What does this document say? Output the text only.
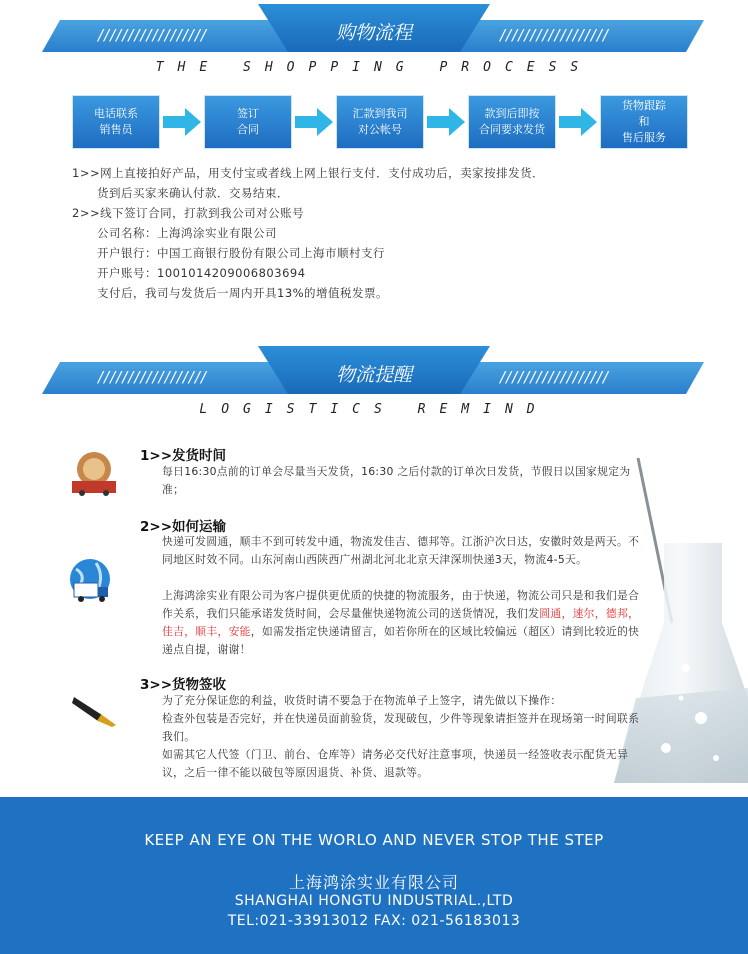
//////////////////	//////////////////
购物流程
THE SHOPPING PROCESS
电话联系
销售员
签订
合同
汇款到我司
对公帐号
款到后即按
合同要求发货
货物跟踪
和
售后服务
1>>网上直接拍好产品，用支付宝或者线上网上银行支付．支付成功后，卖家按排发货．
货到后买家来确认付款．交易结束．
2>>线下签订合同，打款到我公司对公账号
公司名称：上海鸿涂实业有限公司
开户银行：中国工商银行股份有限公司上海市顺村支行
开户账号：1001014209006803694
支付后，我司与发货后一周内开具13%的增值税发票。
//////////////////	//////////////////
物流提醒
LOGISTICS REMIND
1>>发货时间
每日16:30点前的订单会尽量当天发货，16:30 之后付款的订单次日发货，节假日以国家规定为准；
2>>如何运输
快递可发圆通，顺丰不到可转发中通，物流发佳吉、德邦等。江浙沪次日达，安徽时效是两天。不同地区时效不同。山东河南山西陕西广州湖北河北北京天津深圳快递3天，物流4-5天。
上海鸿涂实业有限公司为客户提供更优质的快捷的物流服务，由于快递，物流公司只是和我们是合作关系，我们只能承诺发货时间，会尽量催快递物流公司的送货情况，我们发圆通，速尔，德邦，佳吉，顺丰，安能，如需发指定快递请留言，如若你所在的区域比较偏远（超区）请到比较近的快递点自提，谢谢！
3>>货物签收
为了充分保证您的利益，收货时请不要急于在物流单子上签字，请先做以下操作：
检查外包装是否完好，并在快递员面前验货，发现破包，少件等现象请拒签并在现场第一时间联系我们。
如需其它人代签（门卫、前台、仓库等）请务必交代好注意事项，快递员一经签收表示配货无异议，之后一律不能以破包等原因退货、补货、退款等。
KEEP AN EYE ON THE WORLO AND NEVER STOP THE STEP
上海鸿涂实业有限公司
SHANGHAI HONGTU INDUSTRIAL.,LTD
TEL:021-33913012 FAX: 021-56183013
